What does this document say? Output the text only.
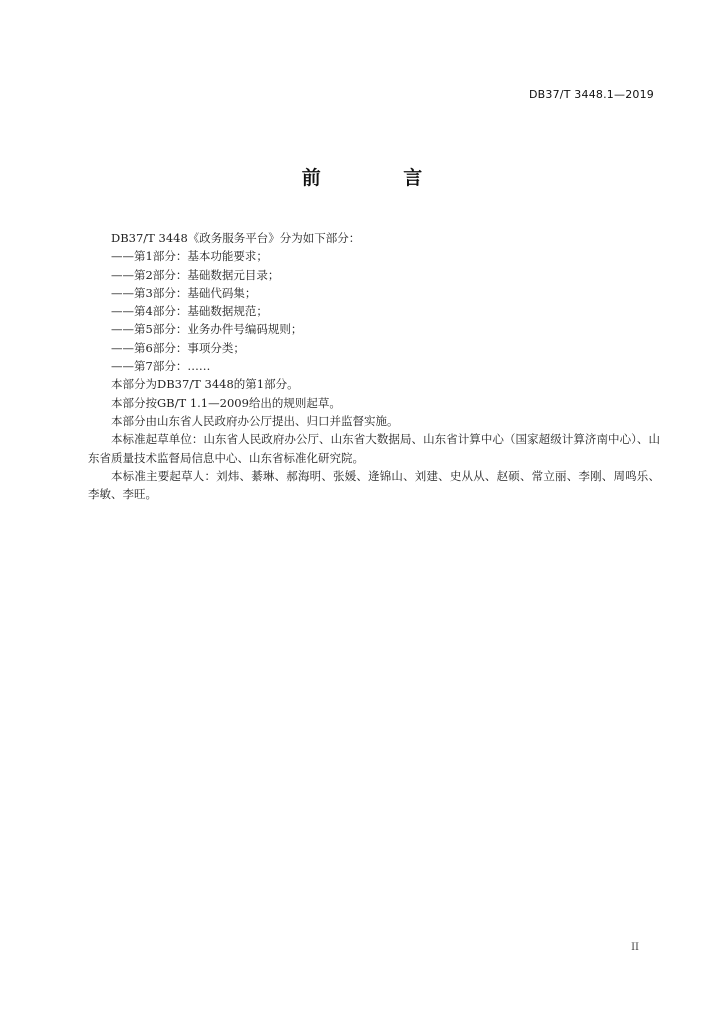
DB37/T 3448.1—2019
前 言

DB37/T 3448《政务服务平台》分为如下部分：

——第1部分：基本功能要求；

——第2部分：基础数据元目录；

——第3部分：基础代码集；

——第4部分：基础数据规范；

——第5部分：业务办件号编码规则；

——第6部分：事项分类；

——第7部分：……

本部分为DB37/T 3448的第1部分。

本部分按GB/T 1.1—2009给出的规则起草。

本部分由山东省人民政府办公厅提出、归口并监督实施。

本标准起草单位：山东省人民政府办公厅、山东省大数据局、山东省计算中心（国家超级计算济南中心）、山东省质量技术监督局信息中心、山东省标准化研究院。

本标准主要起草人：刘炜、綦琳、郝海明、张媛、逄锦山、刘建、史从从、赵硕、常立丽、李刚、周鸣乐、李敏、李旺。

II
